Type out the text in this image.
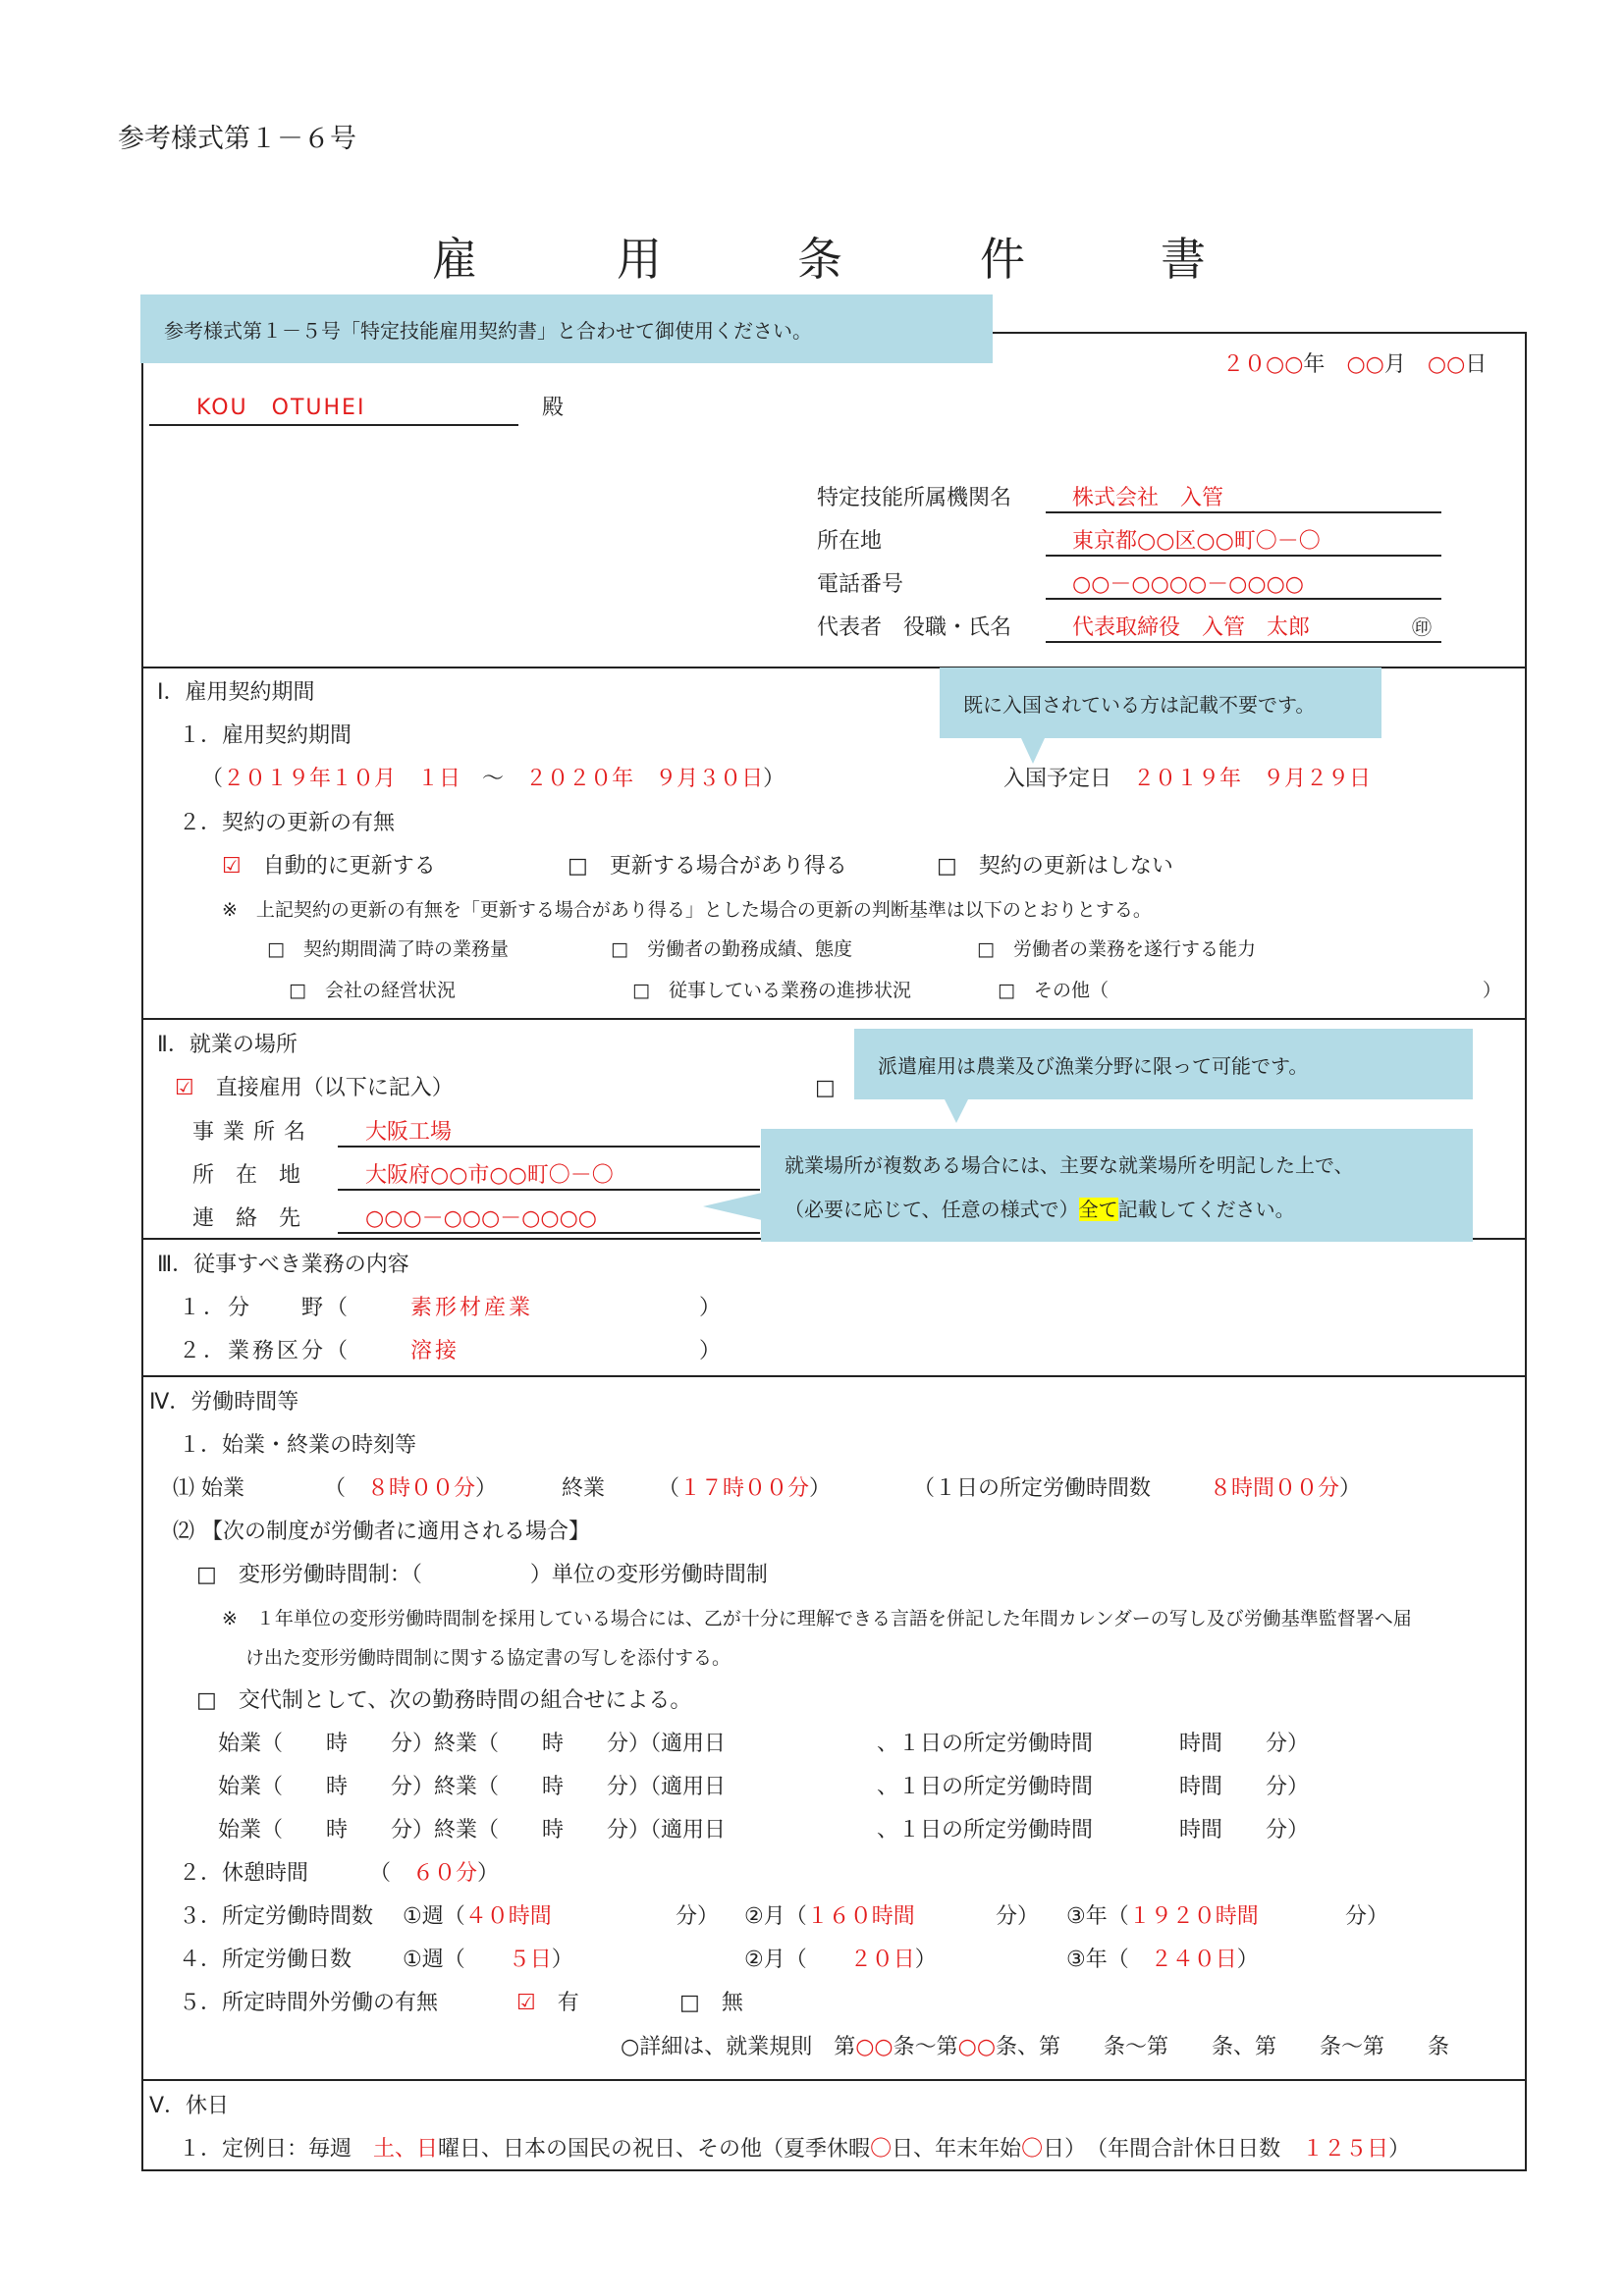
参考様式第１－６号
雇	用	条	件	書
参考様式第１－５号「特定技能雇用契約書」と合わせて御使用ください。
２０○○年　 ○○月　 ○○日
KOU　OTUHEI	殿
特定技能所属機関名	株式会社　入管
所在地	東京都○○区○○町〇－〇
電話番号	○○－○○○○－○○○○
代表者　役職・氏名	代表取締役　入管　太郎	㊞
Ⅰ．雇用契約期間	既に入国されている方は記載不要です。
１．雇用契約期間
（２０１９年１０月　１日　 ～　 ２０２０年　９月３０日）	入国予定日　 ２０１９年　９月２９日
２．契約の更新の有無
☑　 自動的に更新する	□　 更新する場合があり得る	□　 契約の更新はしない
※　上記契約の更新の有無を「更新する場合があり得る」とした場合の更新の判断基準は以下のとおりとする。
□　 契約期間満了時の業務量	□　 労働者の勤務成績、態度	□　 労働者の業務を遂行する能力
□　 会社の経営状況	□　 従事している業務の進捗状況	□　 その他（	）
Ⅱ．就業の場所
派遣雇用は農業及び漁業分野に限って可能です。
☑　 直接雇用（以下に記入）	□
事業所名 大阪工場
所在地 大阪府○○市○○町〇－〇
連絡先 ○○○－○○○－○○○○
就業場所が複数ある場合には、主要な就業場所を明記した上で、
（必要に応じて、任意の様式で）全て記載してください。
Ⅲ．従事すべき業務の内容
１．分　　野（	素形材産業	）
２．業務区分（	溶接	）
Ⅳ．労働時間等
１．始業・終業の時刻等
⑴ 始業	（　８時００分）	終業 （１７時００分）	（１日の所定労働時間数	８時間００分）
⑵ 【次の制度が労働者に適用される場合】
□　 変形労働時間制：（　　　　　）単位の変形労働時間制
※　１年単位の変形労働時間制を採用している場合には、乙が十分に理解できる言語を併記した年間カレンダーの写し及び労働基準監督署へ届
け出た変形労働時間制に関する協定書の写しを添付する。
□　 交代制として、次の勤務時間の組合せによる。
始業（　　時　　分）終業（　　時　　分）（適用日　　　　　　　、１日の所定労働時間　　　　時間　　分）
始業（　　時　　分）終業（　　時　　分）（適用日　　　　　　　、１日の所定労働時間　　　　時間　　分）
始業（　　時　　分）終業（　　時　　分）（適用日　　　　　　　、１日の所定労働時間　　　　時間　　分）
２．休憩時間	（　６０分）
３．所定労働時間数 ①週（４０時間	分） ②月（１６０時間	分） ③年（１９２０時間	分）
４．所定労働日数 ①週（　　 ５日）	②月（　　 ２０日）	③年（　 ２４０日）
５．所定時間外労働の有無	☑　 有	□　 無
○詳細は、就業規則　第○○条～第○○条、第　　条～第　　条、第　　条～第　　条
Ⅴ．休日
１．定例日：毎週　 土、日曜日、日本の国民の祝日、その他（夏季休暇〇日、年末年始〇日）　（年間合計休日日数　 １２５日）
